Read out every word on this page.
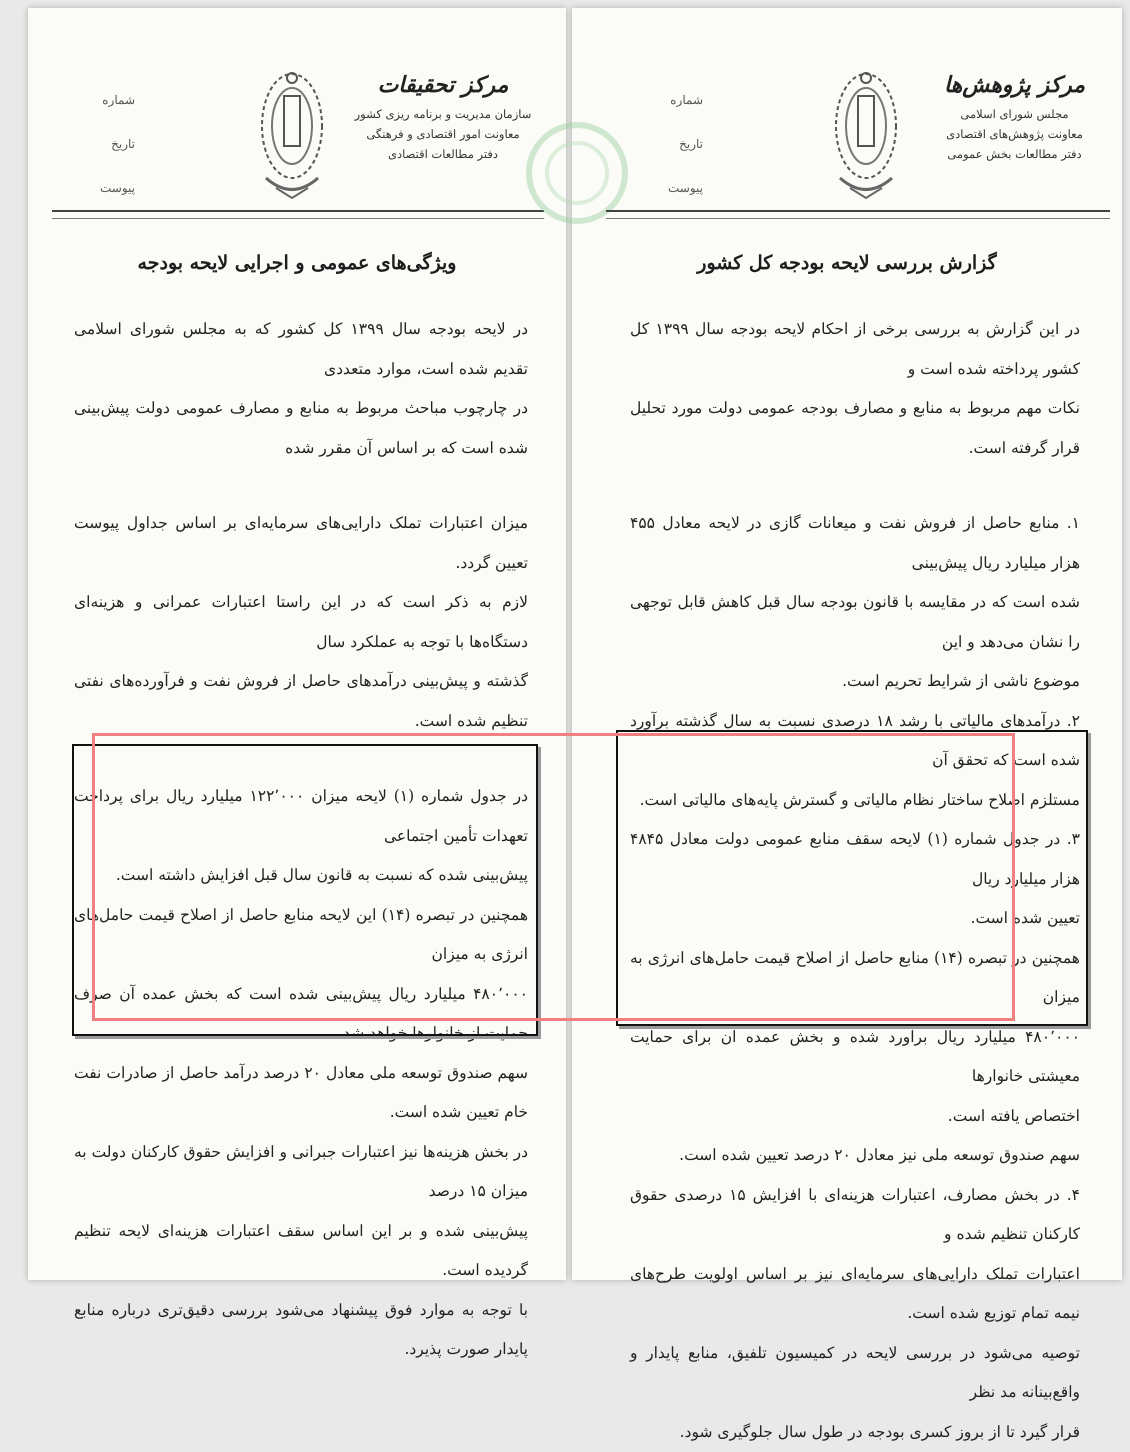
شماره
تاریخ
پیوست
مرکز تحقیقات
سازمان مدیریت و برنامه ریزی کشور
معاونت امور اقتصادی و فرهنگی
دفتر مطالعات اقتصادی
ویژگی‌های عمومی و اجرایی لایحه بودجه

در لایحه بودجه سال ۱۳۹۹ کل کشور که به مجلس شورای اسلامی تقدیم شده است، موارد متعددی

در چارچوب مباحث مربوط به منابع و مصارف عمومی دولت پیش‌بینی شده است که بر اساس آن مقرر شده

میزان اعتبارات تملک دارایی‌های سرمایه‌ای بر اساس جداول پیوست تعیین گردد.

لازم به ذکر است که در این راستا اعتبارات عمرانی و هزینه‌ای دستگاه‌ها با توجه به عملکرد سال

گذشته و پیش‌بینی درآمدهای حاصل از فروش نفت و فرآورده‌های نفتی تنظیم شده است.

در جدول شماره (۱) لایحه میزان ۱۲۲٬۰۰۰ میلیارد ریال برای پرداخت تعهدات تأمین اجتماعی

پیش‌بینی شده که نسبت به قانون سال قبل افزایش داشته است.

همچنین در تبصره (۱۴) این لایحه منابع حاصل از اصلاح قیمت حامل‌های انرژی به میزان

۴۸۰٬۰۰۰ میلیارد ریال پیش‌بینی شده است که بخش عمده آن صرف حمایت از خانوارها خواهد شد.

سهم صندوق توسعه ملی معادل ۲۰ درصد درآمد حاصل از صادرات نفت خام تعیین شده است.

در بخش هزینه‌ها نیز اعتبارات جبرانی و افزایش حقوق کارکنان دولت به میزان ۱۵ درصد

پیش‌بینی شده و بر این اساس سقف اعتبارات هزینه‌ای لایحه تنظیم گردیده است.

با توجه به موارد فوق پیشنهاد می‌شود بررسی دقیق‌تری درباره منابع پایدار صورت پذیرد.

شماره
تاریخ
پیوست
مرکز پژوهش‌ها
مجلس شورای اسلامی
معاونت پژوهش‌های اقتصادی
دفتر مطالعات بخش عمومی
گزارش بررسی لایحه بودجه کل کشور

در این گزارش به بررسی برخی از احکام لایحه بودجه سال ۱۳۹۹ کل کشور پرداخته شده است و

نکات مهم مربوط به منابع و مصارف بودجه عمومی دولت مورد تحلیل قرار گرفته است.

۱. منابع حاصل از فروش نفت و میعانات گازی در لایحه معادل ۴۵۵ هزار میلیارد ریال پیش‌بینی

شده است که در مقایسه با قانون بودجه سال قبل کاهش قابل توجهی را نشان می‌دهد و این

موضوع ناشی از شرایط تحریم است.

۲. درآمدهای مالیاتی با رشد ۱۸ درصدی نسبت به سال گذشته برآورد شده است که تحقق آن

مستلزم اصلاح ساختار نظام مالیاتی و گسترش پایه‌های مالیاتی است.

۳. در جدول شماره (۱) لایحه سقف منابع عمومی دولت معادل ۴۸۴۵ هزار میلیارد ریال

تعیین شده است.

همچنین در تبصره (۱۴) منابع حاصل از اصلاح قیمت حامل‌های انرژی به میزان

۴۸۰٬۰۰۰ میلیارد ریال برآورد شده و بخش عمده آن برای حمایت معیشتی خانوارها

اختصاص یافته است.

سهم صندوق توسعه ملی نیز معادل ۲۰ درصد تعیین شده است.

۴. در بخش مصارف، اعتبارات هزینه‌ای با افزایش ۱۵ درصدی حقوق کارکنان تنظیم شده و

اعتبارات تملک دارایی‌های سرمایه‌ای نیز بر اساس اولویت طرح‌های نیمه تمام توزیع شده است.

توصیه می‌شود در بررسی لایحه در کمیسیون تلفیق، منابع پایدار و واقع‌بینانه مد نظر

قرار گیرد تا از بروز کسری بودجه در طول سال جلوگیری شود.
